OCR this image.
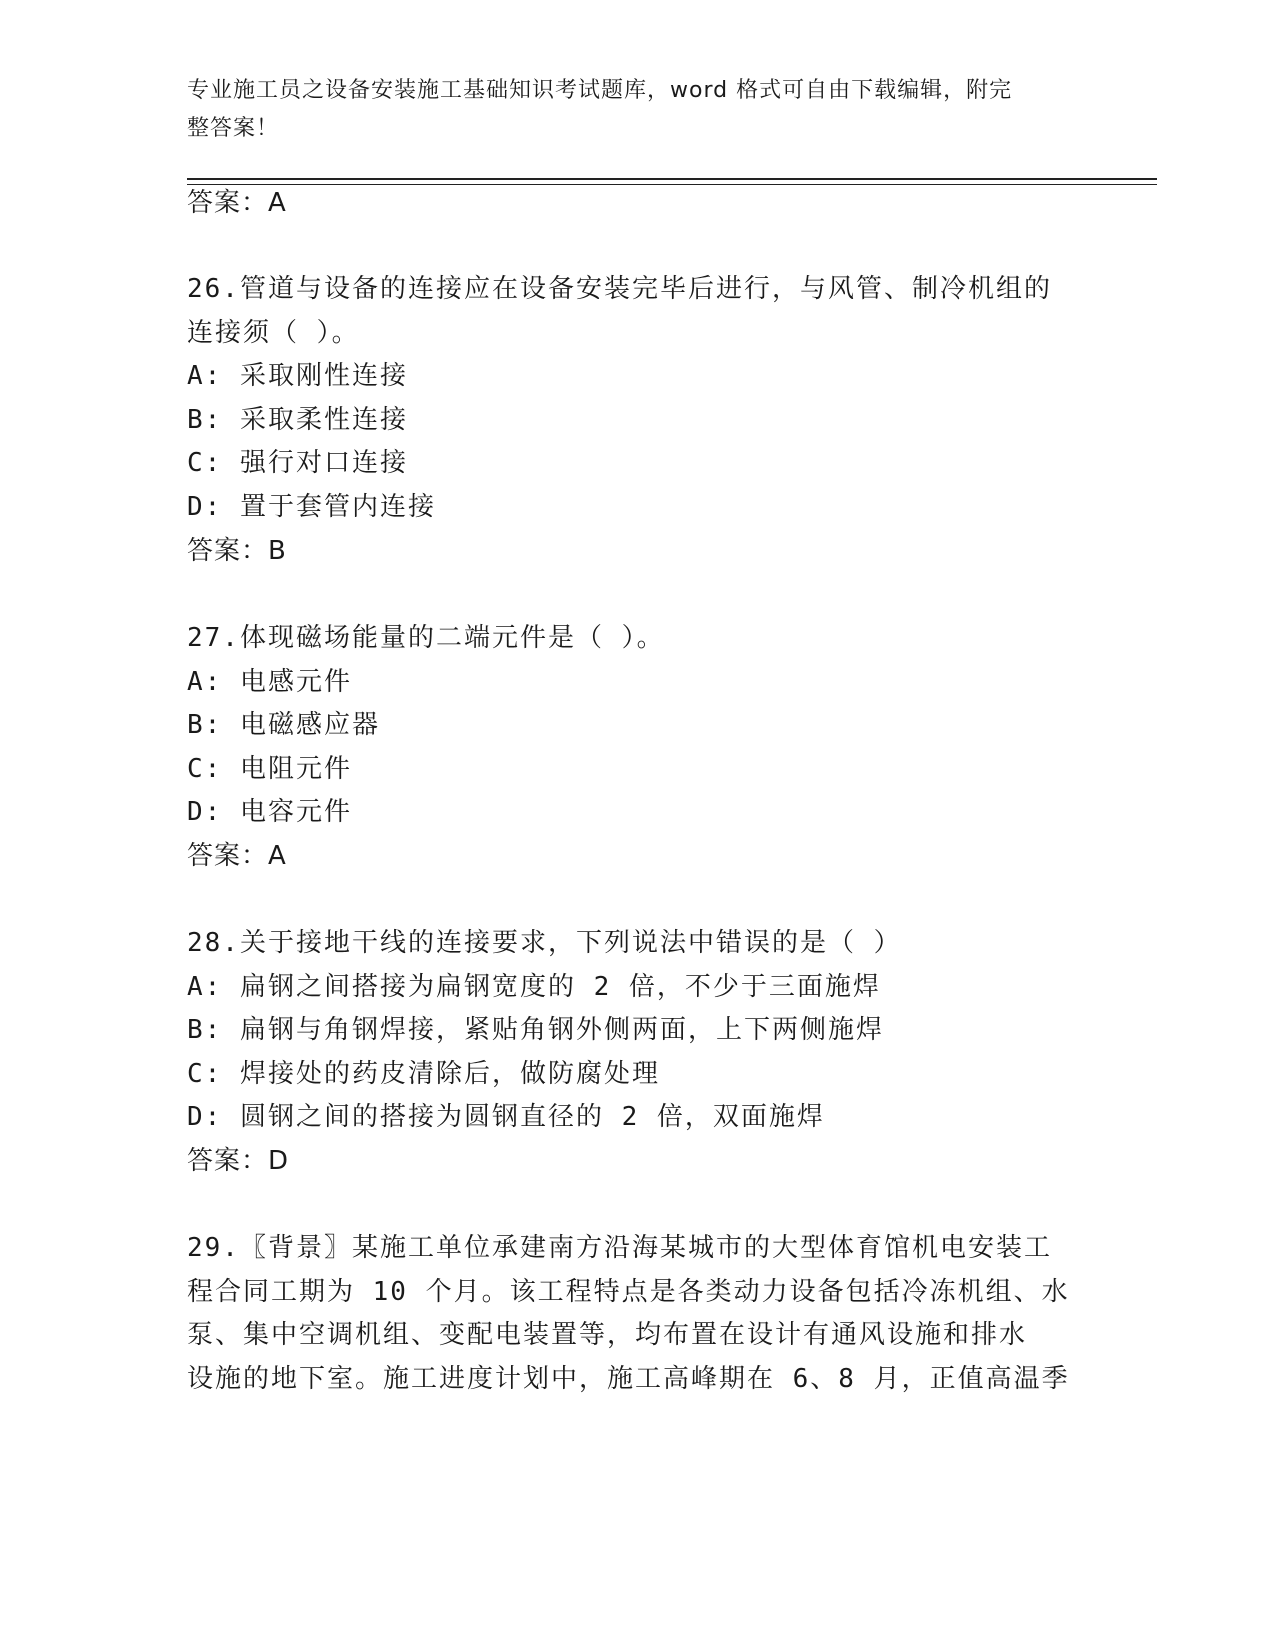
专业施工员之设备安装施工基础知识考试题库，word 格式可自由下载编辑，附完
整答案！
答案：A
26.管道与设备的连接应在设备安装完毕后进行，与风管、制冷机组的
连接须（ ）。
A: 采取刚性连接
B: 采取柔性连接
C: 强行对口连接
D: 置于套管内连接
答案：B
27.体现磁场能量的二端元件是（ ）。
A: 电感元件
B: 电磁感应器
C: 电阻元件
D: 电容元件
答案：A
28.关于接地干线的连接要求，下列说法中错误的是（ ）
A: 扁钢之间搭接为扁钢宽度的 2 倍，不少于三面施焊
B: 扁钢与角钢焊接，紧贴角钢外侧两面，上下两侧施焊
C: 焊接处的药皮清除后，做防腐处理
D: 圆钢之间的搭接为圆钢直径的 2 倍，双面施焊
答案：D
29.〖背景〗某施工单位承建南方沿海某城市的大型体育馆机电安装工
程合同工期为 10 个月。该工程特点是各类动力设备包括冷冻机组、水
泵、集中空调机组、变配电装置等，均布置在设计有通风设施和排水
设施的地下室。施工进度计划中，施工高峰期在 6、8 月，正值高温季
